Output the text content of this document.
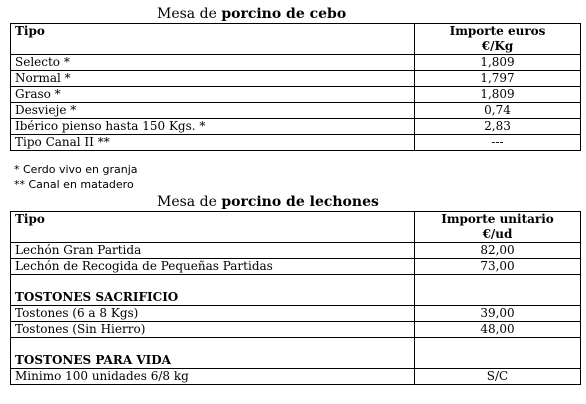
Mesa de porcino de cebo
Tipo	Importe euros
€/Kg

Selecto *	1,809
Normal *	1,797
Graso *	1,809
Desvieje *	0,74
Ibérico pienso hasta 150 Kgs. *	2,83
Tipo Canal II **	---
* Cerdo vivo en granja
** Canal en matadero
Mesa de porcino de lechones
Tipo	Importe unitario
€/ud

Lechón Gran Partida	82,00
Lechón de Recogida de Pequeñas Partidas	73,00

TOSTONES SACRIFICIO	

Tostones (6 a 8 Kgs)	39,00
Tostones (Sin Hierro)	48,00

TOSTONES PARA VIDA	

Minimo 100 unidades 6/8 kg	S/C
